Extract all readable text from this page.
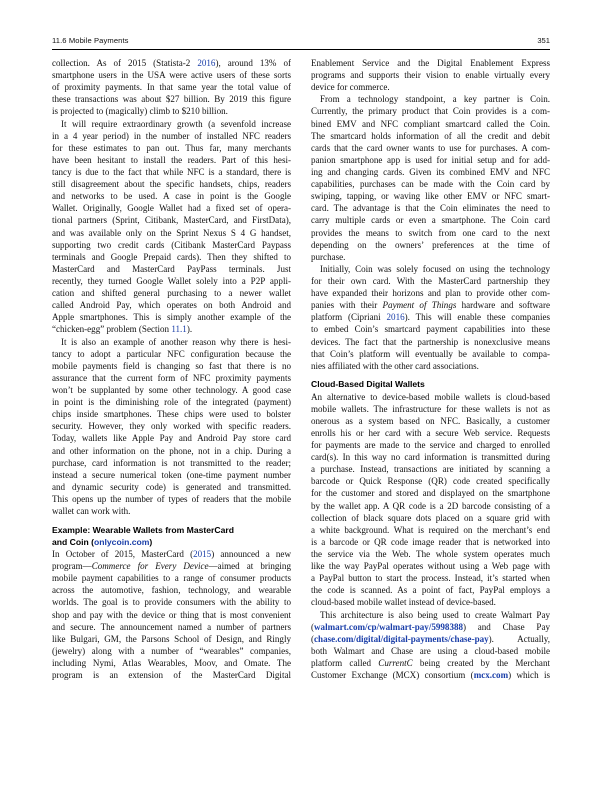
11.6 Mobile Payments	351
collection. As of 2015 (Statista-2 2016), around 13% of
smartphone users in the USA were active users of these sorts
of proximity payments. In that same year the total value of
these transactions was about $27 billion. By 2019 this figure
is projected to (magically) climb to $210 billion.
It will require extraordinary growth (a sevenfold increase
in a 4 year period) in the number of installed NFC readers
for these estimates to pan out. Thus far, many merchants
have been hesitant to install the readers. Part of this hesi-
tancy is due to the fact that while NFC is a standard, there is
still disagreement about the specific handsets, chips, readers
and networks to be used. A case in point is the Google
Wallet. Originally, Google Wallet had a fixed set of opera-
tional partners (Sprint, Citibank, MasterCard, and FirstData),
and was available only on the Sprint Nexus S 4 G handset,
supporting two credit cards (Citibank MasterCard Paypass
terminals and Google Prepaid cards). Then they shifted to
MasterCard and MasterCard PayPass terminals. Just
recently, they turned Google Wallet solely into a P2P appli-
cation and shifted general purchasing to a newer wallet
called Android Pay, which operates on both Android and
Apple smartphones. This is simply another example of the
“chicken-egg” problem (Section 11.1).
It is also an example of another reason why there is hesi-
tancy to adopt a particular NFC configuration because the
mobile payments field is changing so fast that there is no
assurance that the current form of NFC proximity payments
won’t be supplanted by some other technology. A good case
in point is the diminishing role of the integrated (payment)
chips inside smartphones. These chips were used to bolster
security. However, they only worked with specific readers.
Today, wallets like Apple Pay and Android Pay store card
and other information on the phone, not in a chip. During a
purchase, card information is not transmitted to the reader;
instead a secure numerical token (one-time payment number
and dynamic security code) is generated and transmitted.
This opens up the number of types of readers that the mobile
wallet can work with.
Example: Wearable Wallets from MasterCard
and Coin (onlycoin.com)
In October of 2015, MasterCard (2015) announced a new
program—Commerce for Every Device—aimed at bringing
mobile payment capabilities to a range of consumer products
across the automotive, fashion, technology, and wearable
worlds. The goal is to provide consumers with the ability to
shop and pay with the device or thing that is most convenient
and secure. The announcement named a number of partners
like Bulgari, GM, the Parsons School of Design, and Ringly
(jewelry) along with a number of “wearables” companies,
including Nymi, Atlas Wearables, Moov, and Omate. The
program is an extension of the MasterCard Digital
Enablement Service and the Digital Enablement Express
programs and supports their vision to enable virtually every
device for commerce.
From a technology standpoint, a key partner is Coin.
Currently, the primary product that Coin provides is a com-
bined EMV and NFC compliant smartcard called the Coin.
The smartcard holds information of all the credit and debit
cards that the card owner wants to use for purchases. A com-
panion smartphone app is used for initial setup and for add-
ing and changing cards. Given its combined EMV and NFC
capabilities, purchases can be made with the Coin card by
swiping, tapping, or waving like other EMV or NFC smart-
card. The advantage is that the Coin eliminates the need to
carry multiple cards or even a smartphone. The Coin card
provides the means to switch from one card to the next
depending on the owners’ preferences at the time of
purchase.
Initially, Coin was solely focused on using the technology
for their own card. With the MasterCard partnership they
have expanded their horizons and plan to provide other com-
panies with their Payment of Things hardware and software
platform (Cipriani 2016). This will enable these companies
to embed Coin’s smartcard payment capabilities into these
devices. The fact that the partnership is nonexclusive means
that Coin’s platform will eventually be available to compa-
nies affiliated with the other card associations.
Cloud-Based Digital Wallets
An alternative to device-based mobile wallets is cloud-based
mobile wallets. The infrastructure for these wallets is not as
onerous as a system based on NFC. Basically, a customer
enrolls his or her card with a secure Web service. Requests
for payments are made to the service and charged to enrolled
card(s). In this way no card information is transmitted during
a purchase. Instead, transactions are initiated by scanning a
barcode or Quick Response (QR) code created specifically
for the customer and stored and displayed on the smartphone
by the wallet app. A QR code is a 2D barcode consisting of a
collection of black square dots placed on a square grid with
a white background. What is required on the merchant’s end
is a barcode or QR code image reader that is networked into
the service via the Web. The whole system operates much
like the way PayPal operates without using a Web page with
a PayPal button to start the process. Instead, it’s started when
the code is scanned. As a point of fact, PayPal employs a
cloud-based mobile wallet instead of device-based.
This architecture is also being used to create Walmart Pay
(walmart.com/cp/walmart-pay/5998388) and Chase Pay
(chase.com/digital/digital-payments/chase-pay). Actually,
both Walmart and Chase are using a cloud-based mobile
platform called CurrentC being created by the Merchant
Customer Exchange (MCX) consortium (mcx.com) which is
